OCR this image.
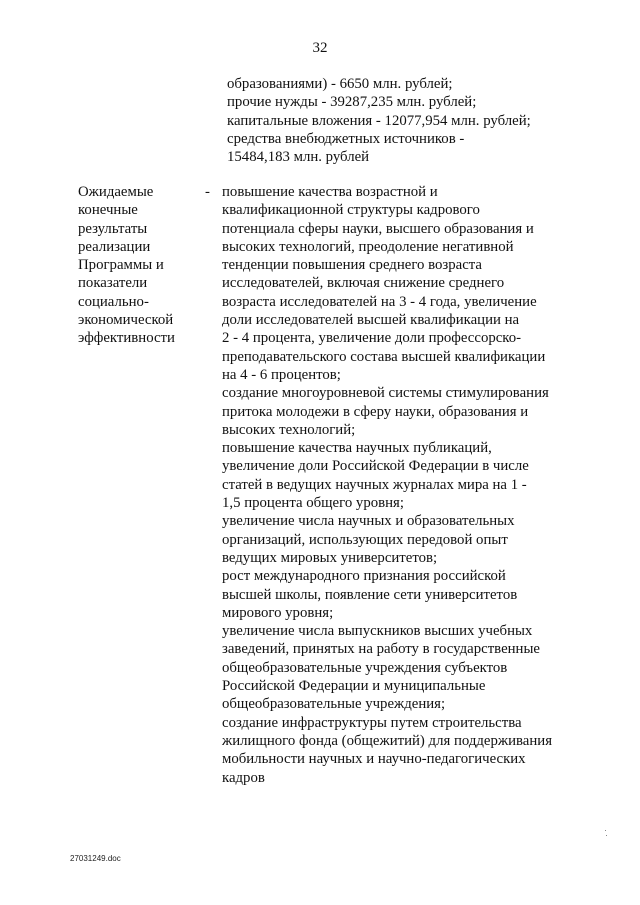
32
образованиями) - 6650 млн. рублей;
прочие нужды - 39287,235 млн. рублей;
капитальные вложения - 12077,954 млн. рублей;
средства внебюджетных источников -
15484,183 млн. рублей
Ожидаемые
конечные
результаты
реализации
Программы и
показатели
социально-
экономической
эффективности
- повышение качества возрастной и
квалификационной структуры кадрового
потенциала сферы науки, высшего образования и
высоких технологий, преодоление негативной
тенденции повышения среднего возраста
исследователей, включая снижение среднего
возраста исследователей на 3 - 4 года, увеличение
доли исследователей высшей квалификации на
2 - 4 процента, увеличение доли профессорско-
преподавательского состава высшей квалификации
на 4 - 6 процентов;
создание многоуровневой системы стимулирования
притока молодежи в сферу науки, образования и
высоких технологий;
повышение качества научных публикаций,
увеличение доли Российской Федерации в числе
статей в ведущих научных журналах мира на 1 -
1,5 процента общего уровня;
увеличение числа научных и образовательных
организаций, использующих передовой опыт
ведущих мировых университетов;
рост международного признания российской
высшей школы, появление сети университетов
мирового уровня;
увеличение числа выпускников высших учебных
заведений, принятых на работу в государственные
общеобразовательные учреждения субъектов
Российской Федерации и муниципальные
общеобразовательные учреждения;
создание инфраструктуры путем строительства
жилищного фонда (общежитий) для поддерживания
мобильности научных и научно-педагогических
кадров
27031249.doc
